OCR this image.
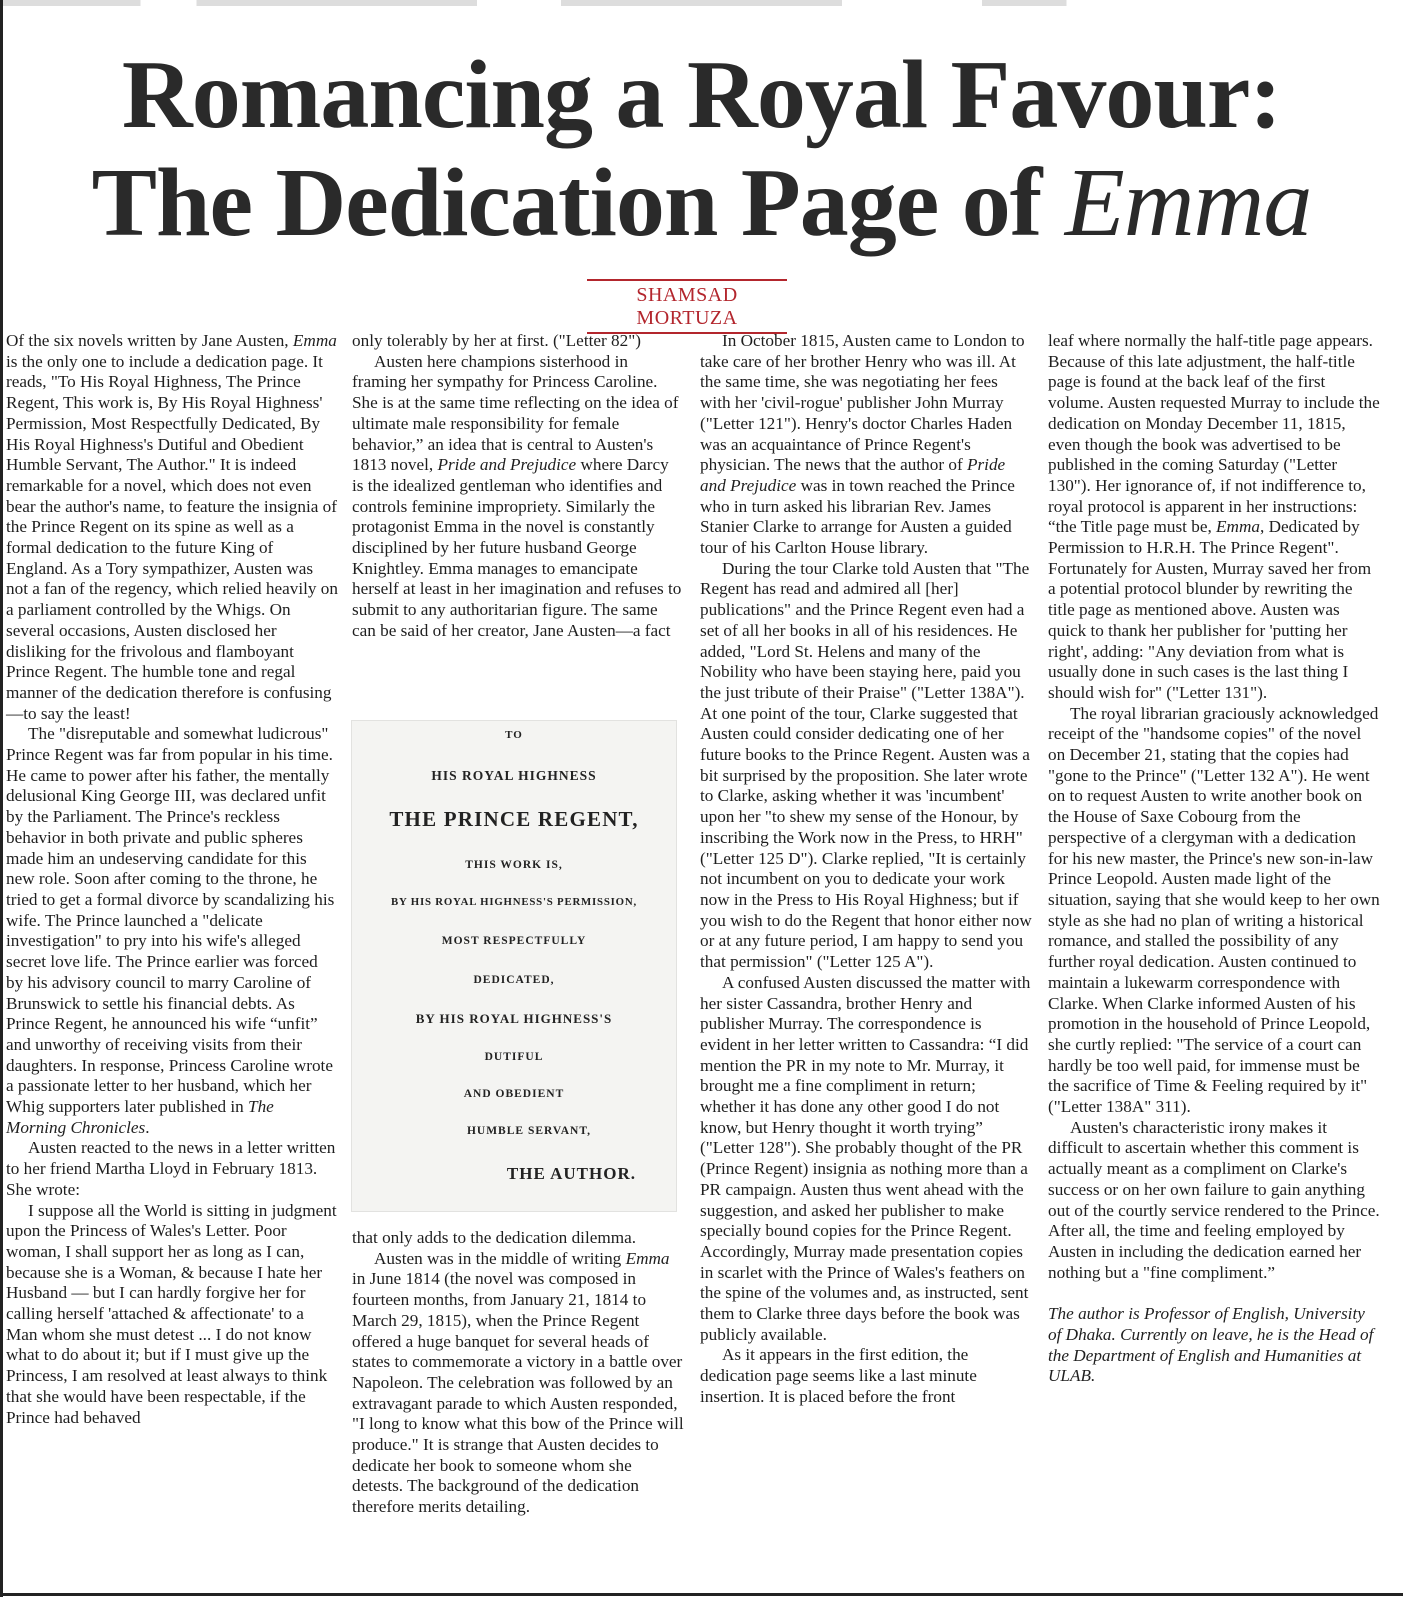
Romancing a Royal Favour:
The Dedication Page of Emma
SHAMSAD MORTUZA

Of the six novels written by Jane Austen, Emma is the only one to include a dedication page. It reads, "To His Royal Highness, The Prince Regent, This work is, By His Royal Highness' Permission, Most Respectfully Dedicated, By His Royal Highness's Dutiful and Obedient Humble Servant, The Author." It is indeed remarkable for a novel, which does not even bear the author's name, to feature the insignia of the Prince Regent on its spine as well as a formal dedication to the future King of England. As a Tory sympathizer, Austen was not a fan of the regency, which relied heavily on a parliament controlled by the Whigs. On several occasions, Austen disclosed her disliking for the frivolous and flamboyant Prince Regent. The humble tone and regal manner of the dedication therefore is confusing—to say the least!

The "disreputable and somewhat ludicrous" Prince Regent was far from popular in his time. He came to power after his father, the mentally delusional King George III, was declared unfit by the Parliament. The Prince's reckless behavior in both private and public spheres made him an undeserving candidate for this new role. Soon after coming to the throne, he tried to get a formal divorce by scandalizing his wife. The Prince launched a "delicate investigation" to pry into his wife's alleged secret love life. The Prince earlier was forced by his advisory council to marry Caroline of Brunswick to settle his financial debts. As Prince Regent, he announced his wife “unfit” and unworthy of receiving visits from their daughters. In response, Princess Caroline wrote a passionate letter to her husband, which her Whig supporters later published in The Morning Chronicles.

Austen reacted to the news in a letter written to her friend Martha Lloyd in February 1813. She wrote:

I suppose all the World is sitting in judgment upon the Princess of Wales's Letter. Poor woman, I shall support her as long as I can, because she is a Woman, & because I hate her Husband — but I can hardly forgive her for calling herself 'attached & affectionate' to a Man whom she must detest ... I do not know what to do about it; but if I must give up the Princess, I am resolved at least always to think that she would have been respectable, if the Prince had behaved

only tolerably by her at first. ("Letter 82")

Austen here champions sisterhood in framing her sympathy for Princess Caroline. She is at the same time reflecting on the idea of ultimate male responsibility for female behavior,” an idea that is central to Austen's 1813 novel, Pride and Prejudice where Darcy is the idealized gentleman who identifies and controls feminine impropriety. Similarly the protagonist Emma in the novel is constantly disciplined by her future husband George Knightley. Emma manages to emancipate herself at least in her imagination and refuses to submit to any authoritarian figure. The same can be said of her creator, Jane Austen—a fact

TO
HIS ROYAL HIGHNESS
THE PRINCE REGENT,
THIS WORK IS,
BY HIS ROYAL HIGHNESS'S PERMISSION,
MOST RESPECTFULLY
DEDICATED,
BY HIS ROYAL HIGHNESS'S
DUTIFUL
AND OBEDIENT
HUMBLE SERVANT,
THE AUTHOR.

that only adds to the dedication dilemma.

Austen was in the middle of writing Emma in June 1814 (the novel was composed in fourteen months, from January 21, 1814 to March 29, 1815), when the Prince Regent offered a huge banquet for several heads of states to commemorate a victory in a battle over Napoleon. The celebration was followed by an extravagant parade to which Austen responded, "I long to know what this bow of the Prince will produce." It is strange that Austen decides to dedicate her book to someone whom she detests. The background of the dedication therefore merits detailing.

In October 1815, Austen came to London to take care of her brother Henry who was ill. At the same time, she was negotiating her fees with her 'civil-rogue' publisher John Murray ("Letter 121"). Henry's doctor Charles Haden was an acquaintance of Prince Regent's physician. The news that the author of Pride and Prejudice was in town reached the Prince who in turn asked his librarian Rev. James Stanier Clarke to arrange for Austen a guided tour of his Carlton House library.

During the tour Clarke told Austen that "The Regent has read and admired all [her] publications" and the Prince Regent even had a set of all her books in all of his residences. He added, "Lord St. Helens and many of the Nobility who have been staying here, paid you the just tribute of their Praise" ("Letter 138A"). At one point of the tour, Clarke suggested that Austen could consider dedicating one of her future books to the Prince Regent. Austen was a bit surprised by the proposition. She later wrote to Clarke, asking whether it was 'incumbent' upon her "to shew my sense of the Honour, by inscribing the Work now in the Press, to HRH" ("Letter 125 D"). Clarke replied, "It is certainly not incumbent on you to dedicate your work now in the Press to His Royal Highness; but if you wish to do the Regent that honor either now or at any future period, I am happy to send you that permission" ("Letter 125 A").

A confused Austen discussed the matter with her sister Cassandra, brother Henry and publisher Murray. The correspondence is evident in her letter written to Cassandra: “I did mention the PR in my note to Mr. Murray, it brought me a fine compliment in return; whether it has done any other good I do not know, but Henry thought it worth trying” ("Letter 128"). She probably thought of the PR (Prince Regent) insignia as nothing more than a PR campaign. Austen thus went ahead with the suggestion, and asked her publisher to make specially bound copies for the Prince Regent. Accordingly, Murray made presentation copies in scarlet with the Prince of Wales's feathers on the spine of the volumes and, as instructed, sent them to Clarke three days before the book was publicly available.

As it appears in the first edition, the dedication page seems like a last minute insertion. It is placed before the front

leaf where normally the half-title page appears. Because of this late adjustment, the half-title page is found at the back leaf of the first volume. Austen requested Murray to include the dedication on Monday December 11, 1815, even though the book was advertised to be published in the coming Saturday ("Letter 130"). Her ignorance of, if not indifference to, royal protocol is apparent in her instructions: “the Title page must be, Emma, Dedicated by Permission to H.R.H. The Prince Regent". Fortunately for Austen, Murray saved her from a potential protocol blunder by rewriting the title page as mentioned above. Austen was quick to thank her publisher for 'putting her right', adding: "Any deviation from what is usually done in such cases is the last thing I should wish for" ("Letter 131").

The royal librarian graciously acknowledged receipt of the "handsome copies" of the novel on December 21, stating that the copies had "gone to the Prince" ("Letter 132 A"). He went on to request Austen to write another book on the House of Saxe Cobourg from the perspective of a clergyman with a dedication for his new master, the Prince's new son-in-law Prince Leopold. Austen made light of the situation, saying that she would keep to her own style as she had no plan of writing a historical romance, and stalled the possibility of any further royal dedication. Austen continued to maintain a lukewarm correspondence with Clarke. When Clarke informed Austen of his promotion in the household of Prince Leopold, she curtly replied: "The service of a court can hardly be too well paid, for immense must be the sacrifice of Time & Feeling required by it" ("Letter 138A" 311).

Austen's characteristic irony makes it difficult to ascertain whether this comment is actually meant as a compliment on Clarke's success or on her own failure to gain anything out of the courtly service rendered to the Prince. After all, the time and feeling employed by Austen in including the dedication earned her nothing but a "fine compliment.”

The author is Professor of English, University of Dhaka. Currently on leave, he is the Head of the Department of English and Humanities at ULAB.
